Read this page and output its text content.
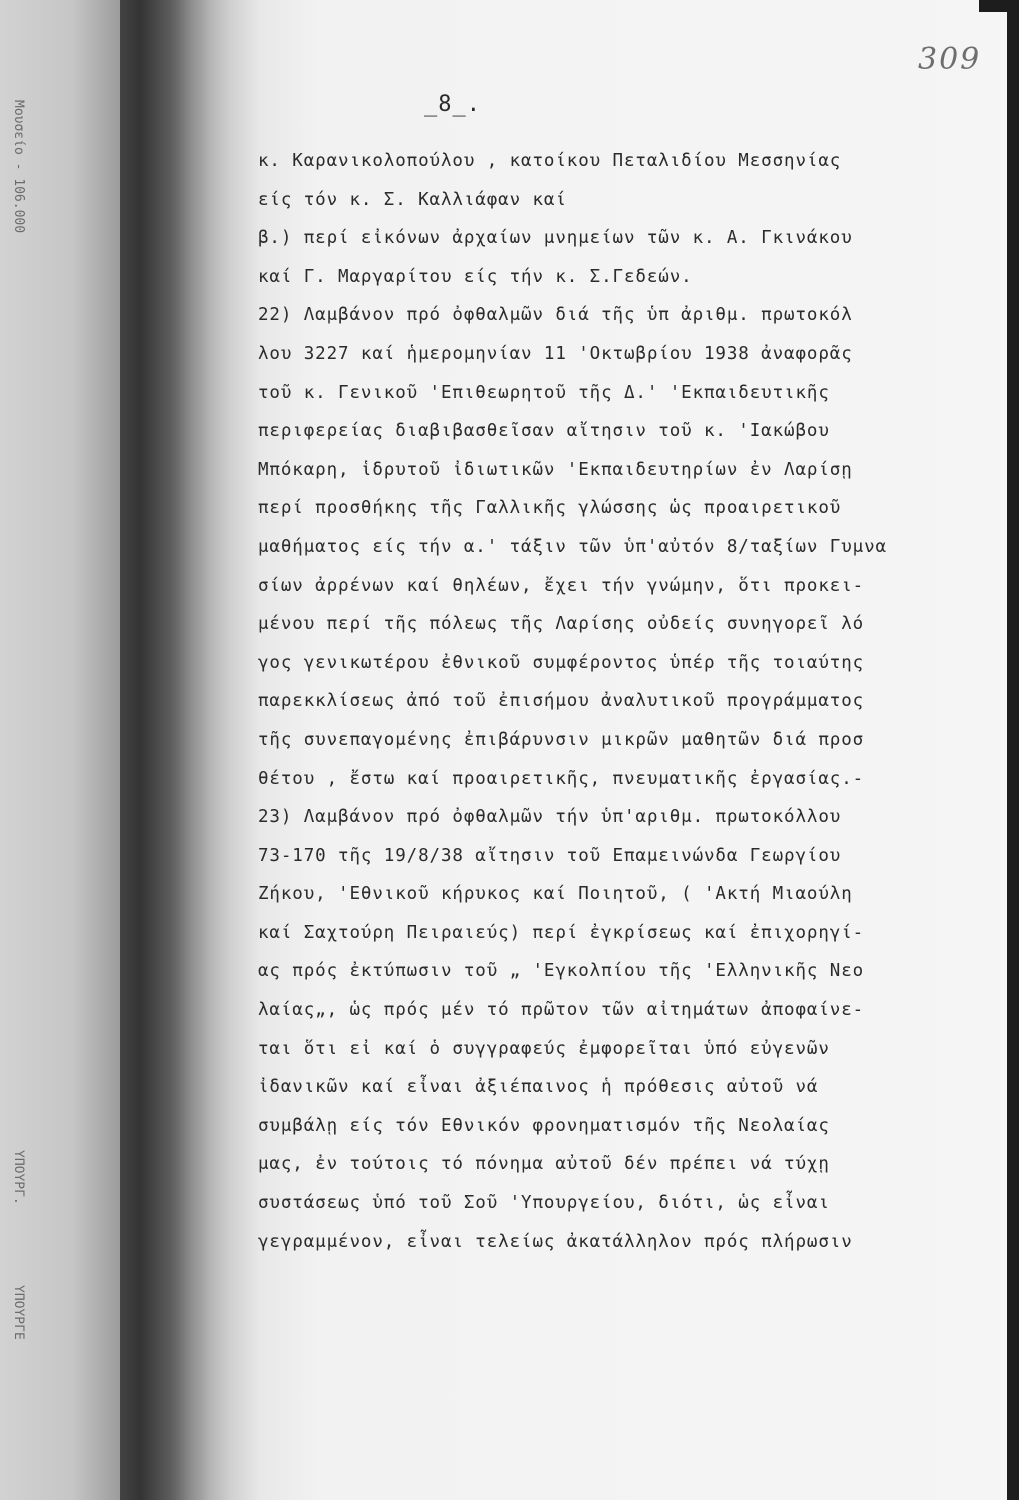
Μουσείο - 106.000
ΥΠΟΥΡΓ.
ΥΠΟΥΡΓΕ
309
_8_.
κ. Καρανικολοπούλου , κατοίκου Πεταλιδίου Μεσσηνίας
είς τόν κ. Σ. Καλλιάφαν καί
β.) περί εἰκόνων ἀρχαίων μνημείων τῶν κ. Α. Γκινάκου
καί Γ. Μαργαρίτου είς τήν κ. Σ.Γεδεών.
22) Λαμβάνον πρό ὀφθαλμῶν διά τῆς ὑπ ἀριθμ. πρωτοκόλ
λου 3227 καί ἡμερομηνίαν 11 'Οκτωβρίου 1938 ἀναφορᾶς
τοῦ κ. Γενικοῦ 'Επιθεωρητοῦ τῆς Δ.' 'Εκπαιδευτικῆς
περιφερείας διαβιβασθεῖσαν αἴτησιν τοῦ κ. 'Ιακώβου
Μπόκαρη, ἱδρυτοῦ ἰδιωτικῶν 'Εκπαιδευτηρίων ἐν Λαρίσῃ
περί προσθήκης τῆς Γαλλικῆς γλώσσης ὡς προαιρετικοῦ
μαθήματος είς τήν α.' τάξιν τῶν ὑπ'αὐτόν 8/ταξίων Γυμνα
σίων ἀρρένων καί θηλέων, ἔχει τήν γνώμην, ὅτι προκει-
μένου περί τῆς πόλεως τῆς Λαρίσης οὐδείς συνηγορεῖ λό
γος γενικωτέρου ἐθνικοῦ συμφέροντος ὑπέρ τῆς τοιαύτης
παρεκκλίσεως ἀπό τοῦ ἐπισήμου ἀναλυτικοῦ προγράμματος
τῆς συνεπαγομένης ἐπιβάρυνσιν μικρῶν μαθητῶν διά προσ
θέτου , ἔστω καί προαιρετικῆς, πνευματικῆς ἐργασίας.-
23) Λαμβάνον πρό ὀφθαλμῶν τήν ὑπ'αριθμ. πρωτοκόλλου
73-170 τῆς 19/8/38 αἴτησιν τοῦ Επαμεινώνδα Γεωργίου
Ζήκου, 'Εθνικοῦ κήρυκος καί Ποιητοῦ, ( 'Ακτή Μιαούλη
καί Σαχτούρη Πειραιεύς) περί ἐγκρίσεως καί ἐπιχορηγί-
ας πρός ἐκτύπωσιν τοῦ „ 'Εγκολπίου τῆς 'Ελληνικῆς Νεο
λαίας„, ὡς πρός μέν τό πρῶτον τῶν αἰτημάτων ἀποφαίνε-
ται ὅτι εἰ καί ὁ συγγραφεύς ἐμφορεῖται ὑπό εὐγενῶν
ἰδανικῶν καί εἶναι ἀξιέπαινος ἡ πρόθεσις αὐτοῦ νά
συμβάλῃ είς τόν Εθνικόν φρονηματισμόν τῆς Νεολαίας
μας, ἐν τούτοις τό πόνημα αὐτοῦ δέν πρέπει νά τύχῃ
συστάσεως ὑπό τοῦ Σοῦ 'Υπουργείου, διότι, ὡς εἶναι
γεγραμμένον, εἶναι τελείως ἀκατάλληλον πρός πλήρωσιν
